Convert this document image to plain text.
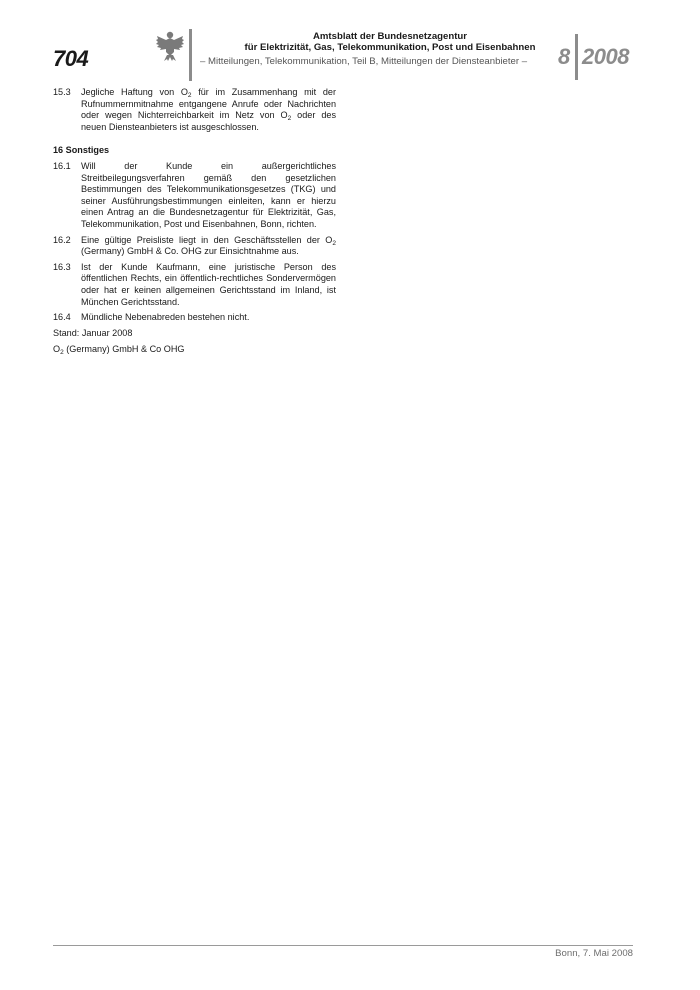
704
Amtsblatt der Bundesnetzagentur
für Elektrizität, Gas, Telekommunikation, Post und Eisenbahnen
– Mitteilungen, Telekommunikation, Teil B, Mitteilungen der Diensteanbieter – 8 2008
15.3	Jegliche Haftung von $O_2$ für im Zusammenhang mit der Rufnummernmitnahme entgangene Anrufe oder Nachrichten oder wegen Nichterreichbarkeit im Netz von $O_2$ oder des neuen Diensteanbieters ist ausgeschlossen.
16 Sonstiges
16.1	Will der Kunde ein außergerichtliches Streitbeilegungsverfahren gemäß den gesetzlichen Bestimmungen des Telekommunikationsgesetzes (TKG) und seiner Ausführungsbestimmungen einleiten, kann er hierzu einen Antrag an die Bundesnetzagentur für Elektrizität, Gas, Telekommunikation, Post und Eisenbahnen, Bonn, richten.
16.2	Eine gültige Preisliste liegt in den Geschäftsstellen der $O_2$ (Germany) GmbH & Co. OHG zur Einsichtnahme aus.
16.3	Ist der Kunde Kaufmann, eine juristische Person des öffentlichen Rechts, ein öffentlich-rechtliches Sondervermögen oder hat er keinen allgemeinen Gerichtsstand im Inland, ist München Gerichtsstand.
16.4	Mündliche Nebenabreden bestehen nicht.
Stand: Januar 2008
$O_2$ (Germany) GmbH & Co OHG
Bonn, 7. Mai 2008
